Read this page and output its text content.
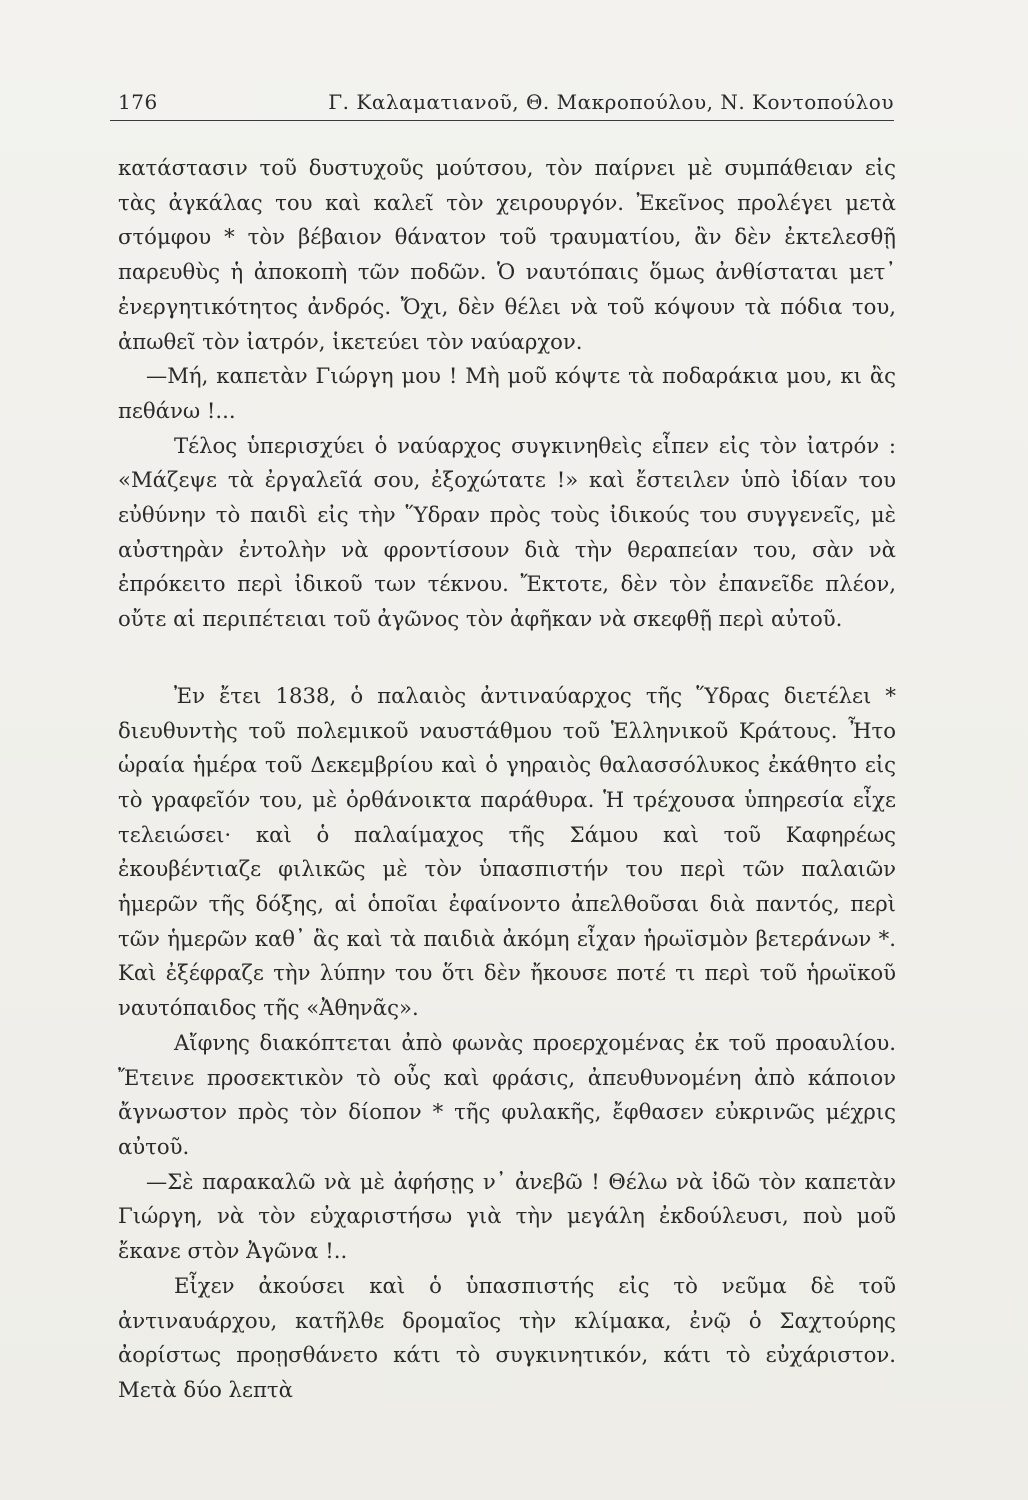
176	Γ. Καλαματιανοῦ, Θ. Μακροπούλου, Ν. Κοντοπούλου

κατάστασιν τοῦ δυστυχοῦς μούτσου, τὸν παίρνει μὲ συμπάθειαν εἰς τὰς ἀγκάλας του καὶ καλεῖ τὸν χειρουργόν. Ἐκεῖνος προλέγει μετὰ στόμφου * τὸν βέβαιον θάνατον τοῦ τραυματίου, ἂν δὲν ἐκτελεσθῇ παρευθὺς ἡ ἀποκοπὴ τῶν ποδῶν. Ὁ ναυτόπαις ὅμως ἀνθίσταται μετ᾽ ἐνεργητικότητος ἀνδρός. Ὄχι, δὲν θέλει νὰ τοῦ κόψουν τὰ πόδια του, ἀπωθεῖ τὸν ἰατρόν, ἱκετεύει τὸν ναύαρχον.

—Μή, καπετὰν Γιώργη μου ! Μὴ μοῦ κόψτε τὰ ποδαράκια μου, κι ἂς πεθάνω !...

Τέλος ὑπερισχύει ὁ ναύαρχος συγκινηθεὶς εἶπεν εἰς τὸν ἰατρόν : «Μάζεψε τὰ ἐργαλεῖά σου, ἐξοχώτατε !» καὶ ἔστειλεν ὑπὸ ἰδίαν του εὐθύνην τὸ παιδὶ εἰς τὴν Ὕδραν πρὸς τοὺς ἰδικούς του συγγενεῖς, μὲ αὐστηρὰν ἐντολὴν νὰ φροντίσουν διὰ τὴν θεραπείαν του, σὰν νὰ ἐπρόκειτο περὶ ἰδικοῦ των τέκνου. Ἔκτοτε, δὲν τὸν ἐπανεῖδε πλέον, οὔτε αἱ περιπέτειαι τοῦ ἀγῶνος τὸν ἀφῆκαν νὰ σκεφθῇ περὶ αὐτοῦ.

Ἐν ἔτει 1838, ὁ παλαιὸς ἀντιναύαρχος τῆς Ὕδρας διετέλει * διευθυντὴς τοῦ πολεμικοῦ ναυστάθμου τοῦ Ἑλληνικοῦ Κράτους. Ἦτο ὡραία ἡμέρα τοῦ Δεκεμβρίου καὶ ὁ γηραιὸς θαλασσόλυκος ἐκάθητο εἰς τὸ γραφεῖόν του, μὲ ὀρθάνοικτα παράθυρα. Ἡ τρέχουσα ὑπηρεσία εἶχε τελειώσει· καὶ ὁ παλαίμαχος τῆς Σάμου καὶ τοῦ Καφηρέως ἐκουβέντιαζε φιλικῶς μὲ τὸν ὑπασπιστήν του περὶ τῶν παλαιῶν ἡμερῶν τῆς δόξης, αἱ ὁποῖαι ἐφαίνοντο ἀπελθοῦσαι διὰ παντός, περὶ τῶν ἡμερῶν καθ᾽ ἃς καὶ τὰ παιδιὰ ἀκόμη εἶχαν ἡρωϊσμὸν βετεράνων *. Καὶ ἐξέφραζε τὴν λύπην του ὅτι δὲν ἤκουσε ποτέ τι περὶ τοῦ ἡρωϊκοῦ ναυτόπαιδος τῆς «Ἀθηνᾶς».

Αἴφνης διακόπτεται ἀπὸ φωνὰς προερχομένας ἐκ τοῦ προαυλίου. Ἔτεινε προσεκτικὸν τὸ οὖς καὶ φράσις, ἀπευθυνομένη ἀπὸ κάποιον ἄγνωστον πρὸς τὸν δίοπον * τῆς φυλακῆς, ἔφθασεν εὐκρινῶς μέχρις αὐτοῦ.

—Σὲ παρακαλῶ νὰ μὲ ἀφήσῃς ν᾽ ἀνεβῶ ! Θέλω νὰ ἰδῶ τὸν καπετὰν Γιώργη, νὰ τὸν εὐχαριστήσω γιὰ τὴν μεγάλη ἐκδούλευσι, ποὺ μοῦ ἔκανε στὸν Ἀγῶνα !..

Εἶχεν ἀκούσει καὶ ὁ ὑπασπιστής εἰς τὸ νεῦμα δὲ τοῦ ἀντιναυάρχου, κατῆλθε δρομαῖος τὴν κλίμακα, ἐνῷ ὁ Σαχτούρης ἀορίστως προῃσθάνετο κάτι τὸ συγκινητικόν, κάτι τὸ εὐχάριστον. Μετὰ δύο λεπτὰ
